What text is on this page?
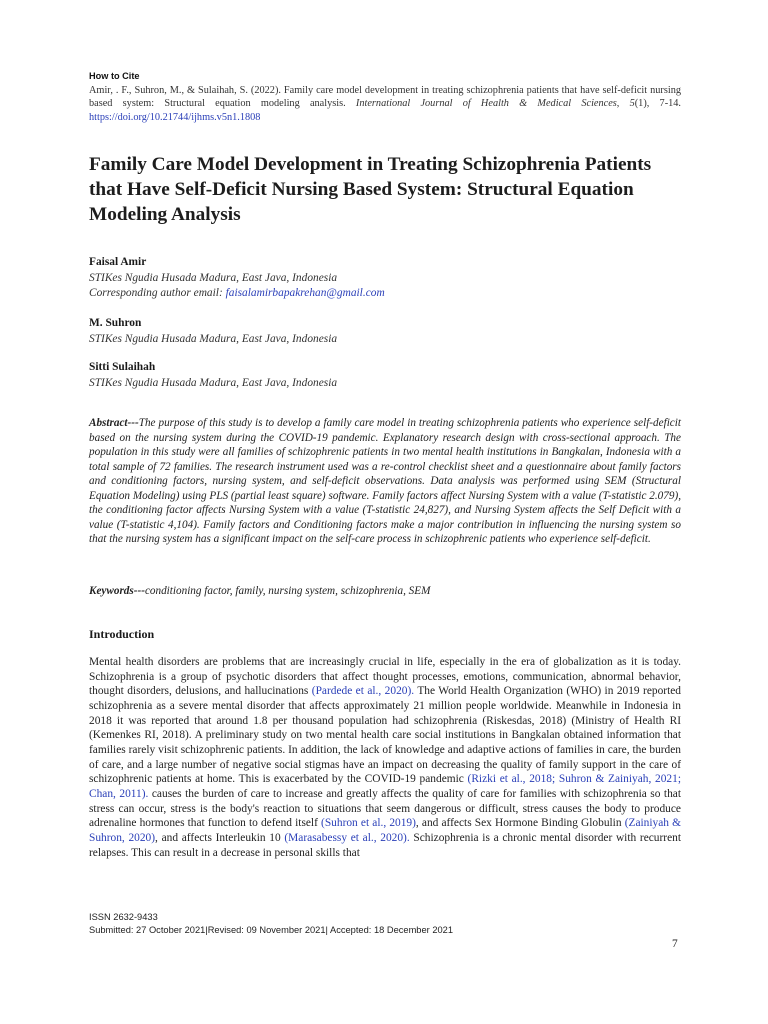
How to Cite
Amir, . F., Suhron, M., & Sulaihah, S. (2022). Family care model development in treating schizophrenia patients that have self-deficit nursing based system: Structural equation modeling analysis. International Journal of Health & Medical Sciences, 5(1), 7-14. https://doi.org/10.21744/ijhms.v5n1.1808
Family Care Model Development in Treating Schizophrenia Patients that Have Self-Deficit Nursing Based System: Structural Equation Modeling Analysis
Faisal Amir
STIKes Ngudia Husada Madura, East Java, Indonesia
Corresponding author email: faisalamirbapakrehan@gmail.com
M. Suhron
STIKes Ngudia Husada Madura, East Java, Indonesia
Sitti Sulaihah
STIKes Ngudia Husada Madura, East Java, Indonesia
Abstract---The purpose of this study is to develop a family care model in treating schizophrenia patients who experience self-deficit based on the nursing system during the COVID-19 pandemic. Explanatory research design with cross-sectional approach. The population in this study were all families of schizophrenic patients in two mental health institutions in Bangkalan, Indonesia with a total sample of 72 families. The research instrument used was a re-control checklist sheet and a questionnaire about family factors and conditioning factors, nursing system, and self-deficit observations. Data analysis was performed using SEM (Structural Equation Modeling) using PLS (partial least square) software. Family factors affect Nursing System with a value (T-statistic 2.079), the conditioning factor affects Nursing System with a value (T-statistic 24,827), and Nursing System affects the Self Deficit with a value (T-statistic 4,104). Family factors and Conditioning factors make a major contribution in influencing the nursing system so that the nursing system has a significant impact on the self-care process in schizophrenic patients who experience self-deficit.
Keywords---conditioning factor, family, nursing system, schizophrenia, SEM
Introduction
Mental health disorders are problems that are increasingly crucial in life, especially in the era of globalization as it is today. Schizophrenia is a group of psychotic disorders that affect thought processes, emotions, communication, abnormal behavior, thought disorders, delusions, and hallucinations (Pardede et al., 2020). The World Health Organization (WHO) in 2019 reported schizophrenia as a severe mental disorder that affects approximately 21 million people worldwide. Meanwhile in Indonesia in 2018 it was reported that around 1.8 per thousand population had schizophrenia (Riskesdas, 2018) (Ministry of Health RI (Kemenkes RI, 2018). A preliminary study on two mental health care social institutions in Bangkalan obtained information that families rarely visit schizophrenic patients. In addition, the lack of knowledge and adaptive actions of families in care, the burden of care, and a large number of negative social stigmas have an impact on decreasing the quality of family support in the care of schizophrenic patients at home. This is exacerbated by the COVID-19 pandemic (Rizki et al., 2018; Suhron & Zainiyah, 2021; Chan, 2011). causes the burden of care to increase and greatly affects the quality of care for families with schizophrenia so that stress can occur, stress is the body's reaction to situations that seem dangerous or difficult, stress causes the body to produce adrenaline hormones that function to defend itself (Suhron et al., 2019), and affects Sex Hormone Binding Globulin (Zainiyah & Suhron, 2020), and affects Interleukin 10 (Marasabessy et al., 2020). Schizophrenia is a chronic mental disorder with recurrent relapses. This can result in a decrease in personal skills that
ISSN 2632-9433
Submitted: 27 October 2021|Revised: 09 November 2021| Accepted: 18 December 2021
7
